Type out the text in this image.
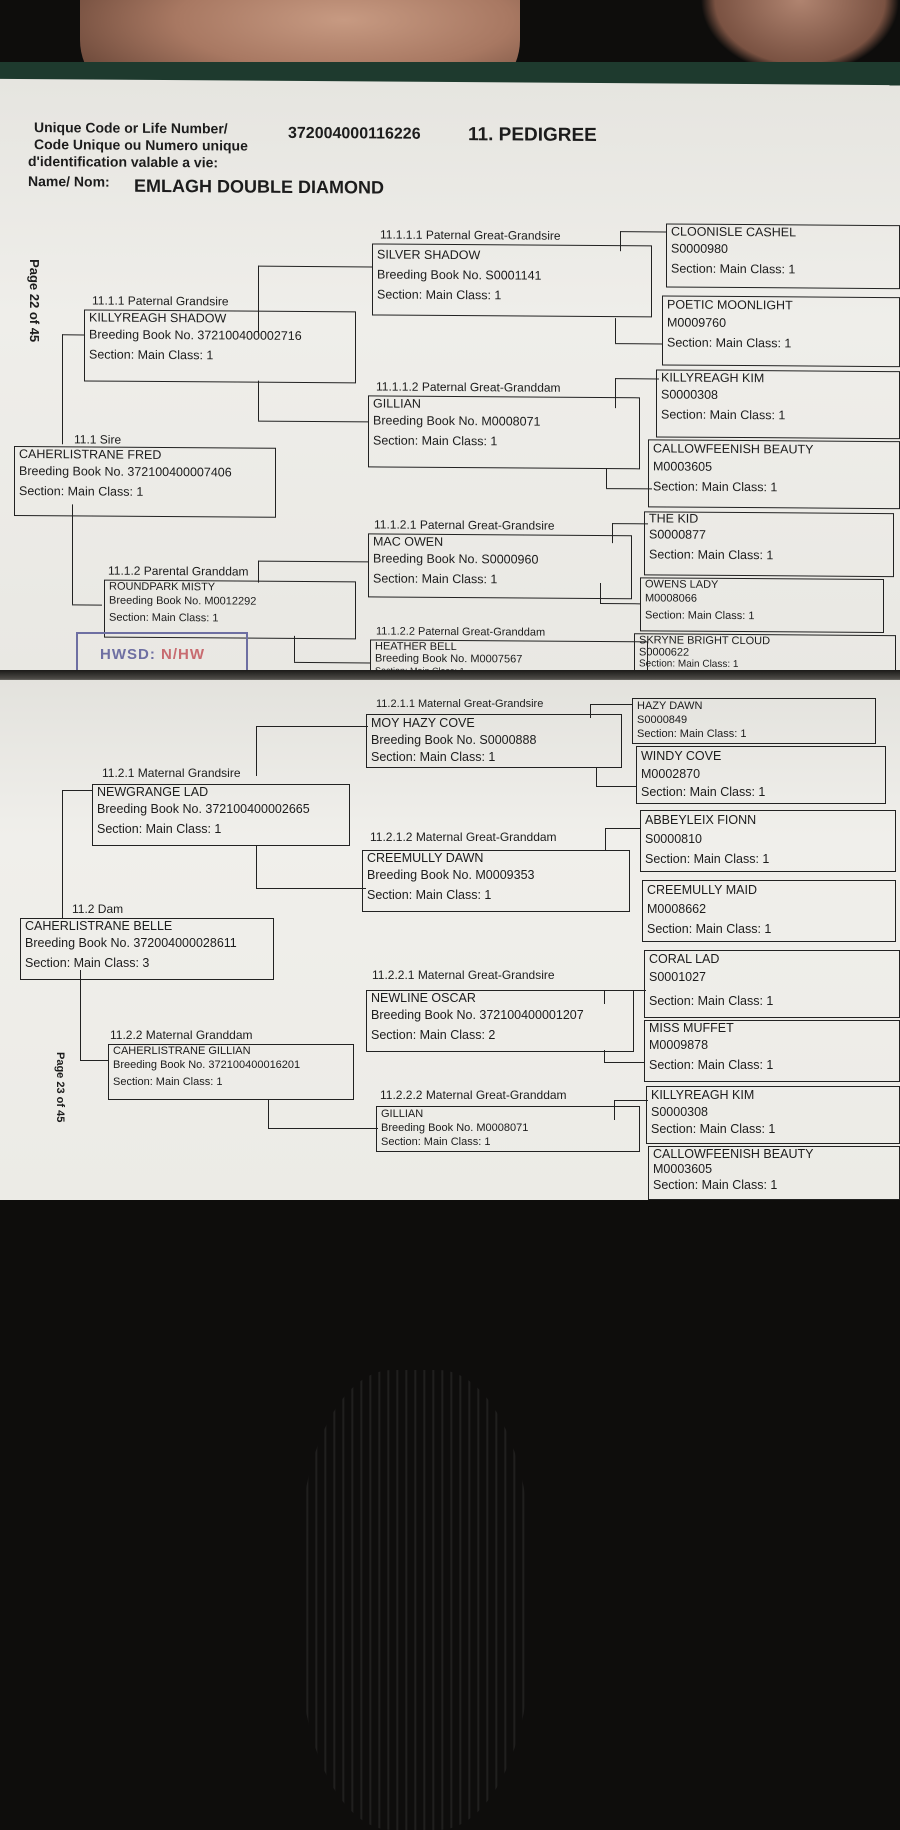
Unique Code or Life Number/
Code Unique ou Numero unique
d'identification valable a vie:
372004000116226 11. PEDIGREE
Name/ Nom: EMLAGH DOUBLE DIAMOND
Page 22 of 45
11.1 Sire
CAHERLISTRANE FRED
Breeding Book No. 372100400007406
Section: Main Class: 1
11.1.1 Paternal Grandsire
KILLYREAGH SHADOW
Breeding Book No. 372100400002716
Section: Main Class: 1
11.1.2 Parental Granddam
ROUNDPARK MISTY
Breeding Book No. M0012292
Section: Main Class: 1
11.1.1.1 Paternal Great-Grandsire
SILVER SHADOW
Breeding Book No. S0001141
Section: Main Class: 1
11.1.1.2 Paternal Great-Granddam
GILLIAN
Breeding Book No. M0008071
Section: Main Class: 1
11.1.2.1 Paternal Great-Grandsire
MAC OWEN
Breeding Book No. S0000960
Section: Main Class: 1
11.1.2.2 Paternal Great-Granddam
HEATHER BELL
Breeding Book No. M0007567
CLOONISLE CASHEL
S0000980
Section: Main Class: 1
POETIC MOONLIGHT
M0009760
Section: Main Class: 1
KILLYREAGH KIM
S0000308
Section: Main Class: 1
CALLOWFEENISH BEAUTY
M0003605
Section: Main Class: 1
THE KID
S0000877
Section: Main Class: 1
OWENS LADY
M0008066
Section: Main Class: 1
SKRYNE BRIGHT CLOUD
S0000622
Section: Main Class: 1
HWSD: N/HW
Page 23 of 45
11.2.1.1 Maternal Great-Grandsire
MOY HAZY COVE
Breeding Book No. S0000888
Section: Main Class: 1
11.2.1.2 Maternal Great-Granddam
CREEMULLY DAWN
Breeding Book No. M0009353
Section: Main Class: 1
11.2.2.1 Maternal Great-Grandsire
NEWLINE OSCAR
Breeding Book No. 372100400001207
Section: Main Class: 2
11.2.2.2 Maternal Great-Granddam
GILLIAN
Breeding Book No. M0008071
Section: Main Class: 1
11.2.1 Maternal Grandsire
NEWGRANGE LAD
Breeding Book No. 372100400002665
Section: Main Class: 1
11.2 Dam
CAHERLISTRANE BELLE
Breeding Book No. 372004000028611
Section: Main Class: 3
11.2.2 Maternal Granddam
CAHERLISTRANE GILLIAN
Breeding Book No. 372100400016201
Section: Main Class: 1
HAZY DAWN
S0000849
Section: Main Class: 1
WINDY COVE
M0002870
Section: Main Class: 1
ABBEYLEIX FIONN
S0000810
Section: Main Class: 1
CREEMULLY MAID
M0008662
Section: Main Class: 1
CORAL LAD
S0001027
Section: Main Class: 1
MISS MUFFET
M0009878
Section: Main Class: 1
KILLYREAGH KIM
S0000308
Section: Main Class: 1
CALLOWFEENISH BEAUTY
M0003605
Section: Main Class: 1
